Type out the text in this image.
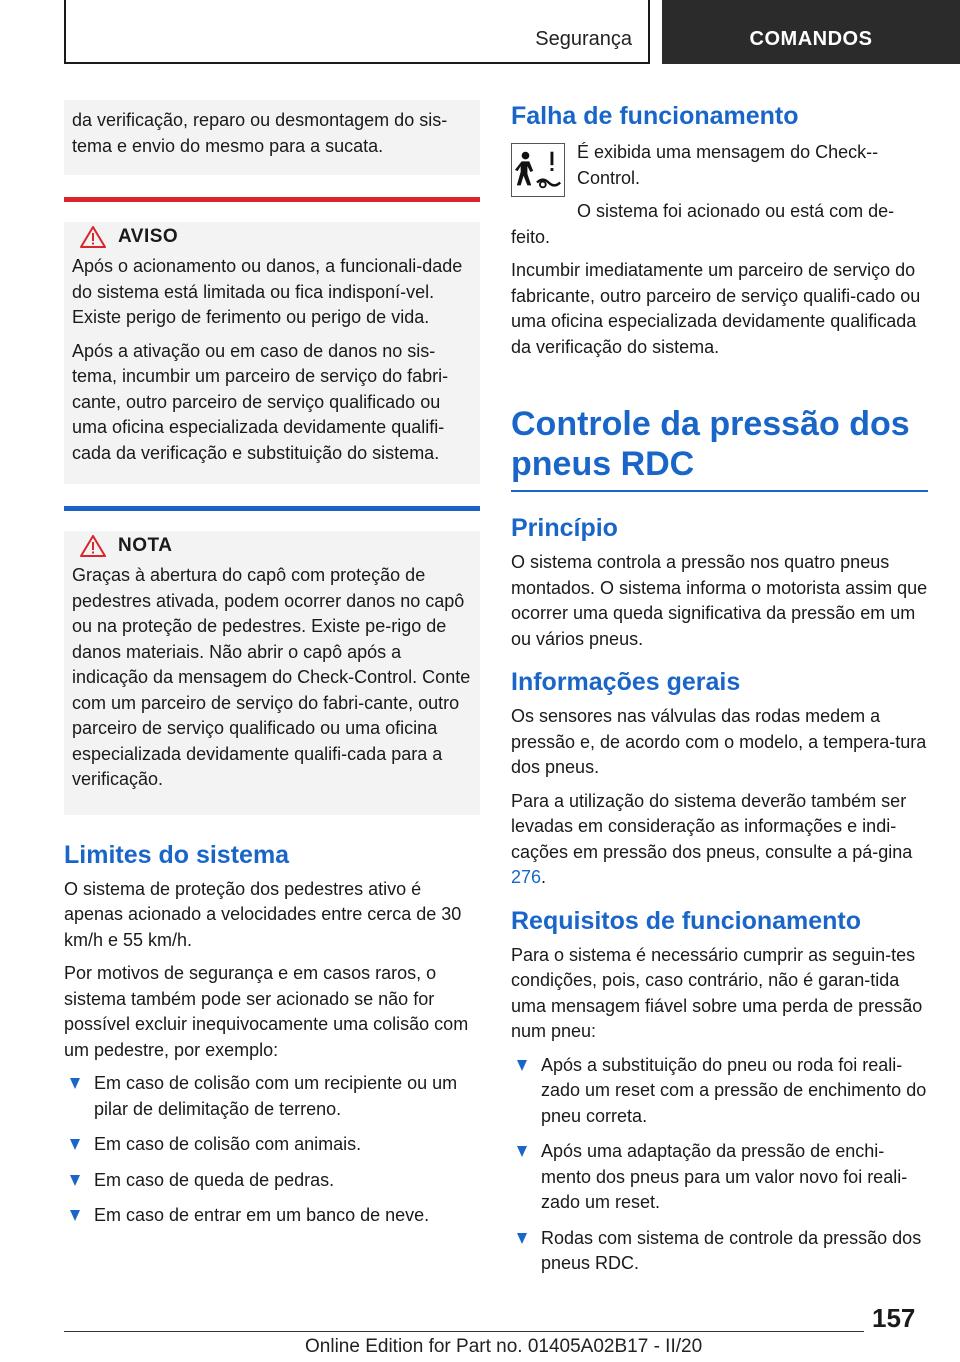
Segurança	COMANDOS

da verificação, reparo ou desmontagem do sis-tema e envio do mesmo para a sucata.

AVISO

Após o acionamento ou danos, a funcionali-dade do sistema está limitada ou fica indisponí-vel. Existe perigo de ferimento ou perigo de vida.

Após a ativação ou em caso de danos no sis-tema, incumbir um parceiro de serviço do fabri-cante, outro parceiro de serviço qualificado ou uma oficina especializada devidamente qualifi-cada da verificação e substituição do sistema.

NOTA

Graças à abertura do capô com proteção de pedestres ativada, podem ocorrer danos no capô ou na proteção de pedestres. Existe pe-rigo de danos materiais. Não abrir o capô após a indicação da mensagem do Check-Control. Conte com um parceiro de serviço do fabri-cante, outro parceiro de serviço qualificado ou uma oficina especializada devidamente qualifi-cada para a verificação.

Limites do sistema

O sistema de proteção dos pedestres ativo é apenas acionado a velocidades entre cerca de 30 km/h e 55 km/h.

Por motivos de segurança e em casos raros, o sistema também pode ser acionado se não for possível excluir inequivocamente uma colisão com um pedestre, por exemplo:

Em caso de colisão com um recipiente ou um pilar de delimitação de terreno.
Em caso de colisão com animais.
Em caso de queda de pedras.
Em caso de entrar em um banco de neve.
Falha de funcionamento

É exibida uma mensagem do Check--Control.

O sistema foi acionado ou está com de-feito.

Incumbir imediatamente um parceiro de serviço do fabricante, outro parceiro de serviço qualifi-cado ou uma oficina especializada devidamente qualificada da verificação do sistema.

Controle da pressão dos pneus RDC
Princípio

O sistema controla a pressão nos quatro pneus montados. O sistema informa o motorista assim que ocorrer uma queda significativa da pressão em um ou vários pneus.

Informações gerais

Os sensores nas válvulas das rodas medem a pressão e, de acordo com o modelo, a tempera-tura dos pneus.

Para a utilização do sistema deverão também ser levadas em consideração as informações e indi-cações em pressão dos pneus, consulte a pá-gina 276.

Requisitos de funcionamento

Para o sistema é necessário cumprir as seguin-tes condições, pois, caso contrário, não é garan-tida uma mensagem fiável sobre uma perda de pressão num pneu:

Após a substituição do pneu ou roda foi reali-zado um reset com a pressão de enchimento do pneu correta.
Após uma adaptação da pressão de enchi-mento dos pneus para um valor novo foi reali-zado um reset.
Rodas com sistema de controle da pressão dos pneus RDC.
157
Online Edition for Part no. 01405A02B17 - II/20
